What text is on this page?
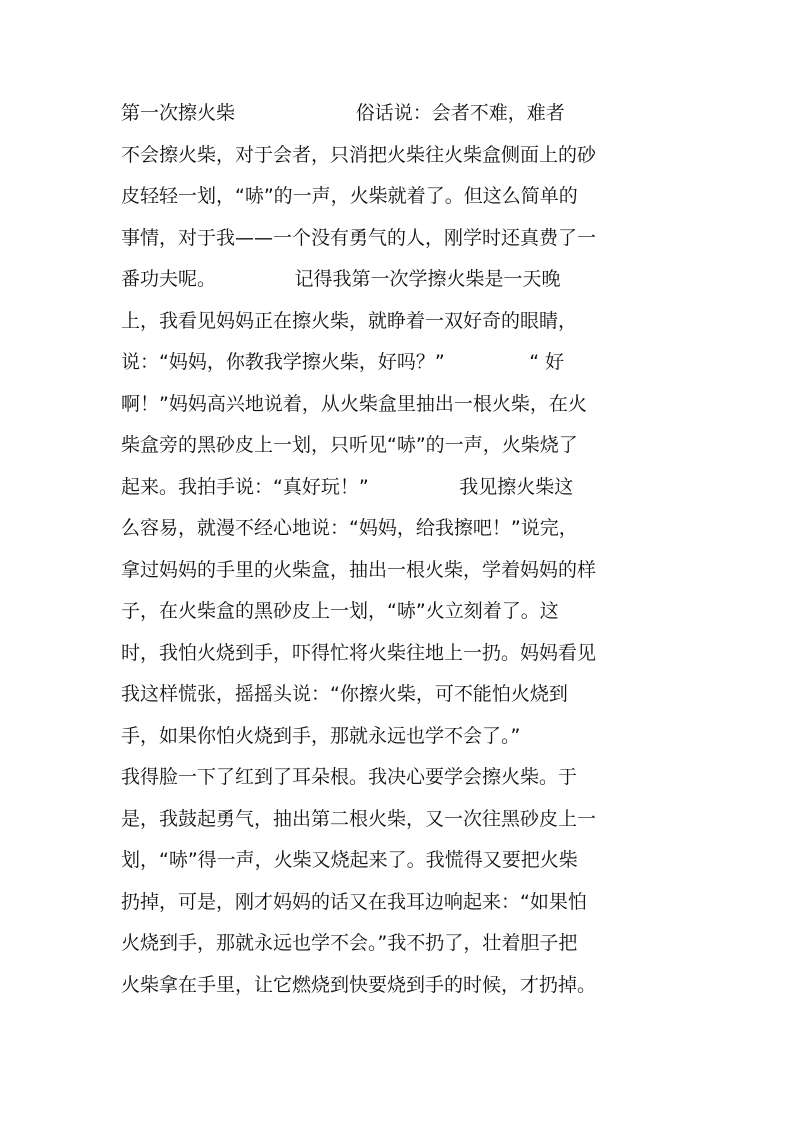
第一次擦火柴                    俗话说：会者不难，难者
不会擦火柴，对于会者，只消把火柴往火柴盒侧面上的砂
皮轻轻一划，“哧”的一声，火柴就着了。但这么简单的
事情，对于我——一个没有勇气的人，刚学时还真费了一
番功夫呢。             记得我第一次学擦火柴是一天晚
上，我看见妈妈正在擦火柴，就睁着一双好奇的眼睛，
说：“妈妈，你教我学擦火柴，好吗？”              “ 好
啊！”妈妈高兴地说着，从火柴盒里抽出一根火柴，在火
柴盒旁的黑砂皮上一划，只听见“哧”的一声，火柴烧了
起来。我拍手说：“真好玩！”               我见擦火柴这
么容易，就漫不经心地说：“妈妈，给我擦吧！”说完，
拿过妈妈的手里的火柴盒，抽出一根火柴，学着妈妈的样
子，在火柴盒的黑砂皮上一划，“哧”火立刻着了。这
时，我怕火烧到手，吓得忙将火柴往地上一扔。妈妈看见
我这样慌张，摇摇头说：“你擦火柴，可不能怕火烧到
手，如果你怕火烧到手，那就永远也学不会了。”
我得脸一下了红到了耳朵根。我决心要学会擦火柴。于
是，我鼓起勇气，抽出第二根火柴，又一次往黑砂皮上一
划，“哧”得一声，火柴又烧起来了。我慌得又要把火柴
扔掉，可是，刚才妈妈的话又在我耳边响起来：“如果怕
火烧到手，那就永远也学不会。”我不扔了，壮着胆子把
火柴拿在手里，让它燃烧到快要烧到手的时候，才扔掉。
